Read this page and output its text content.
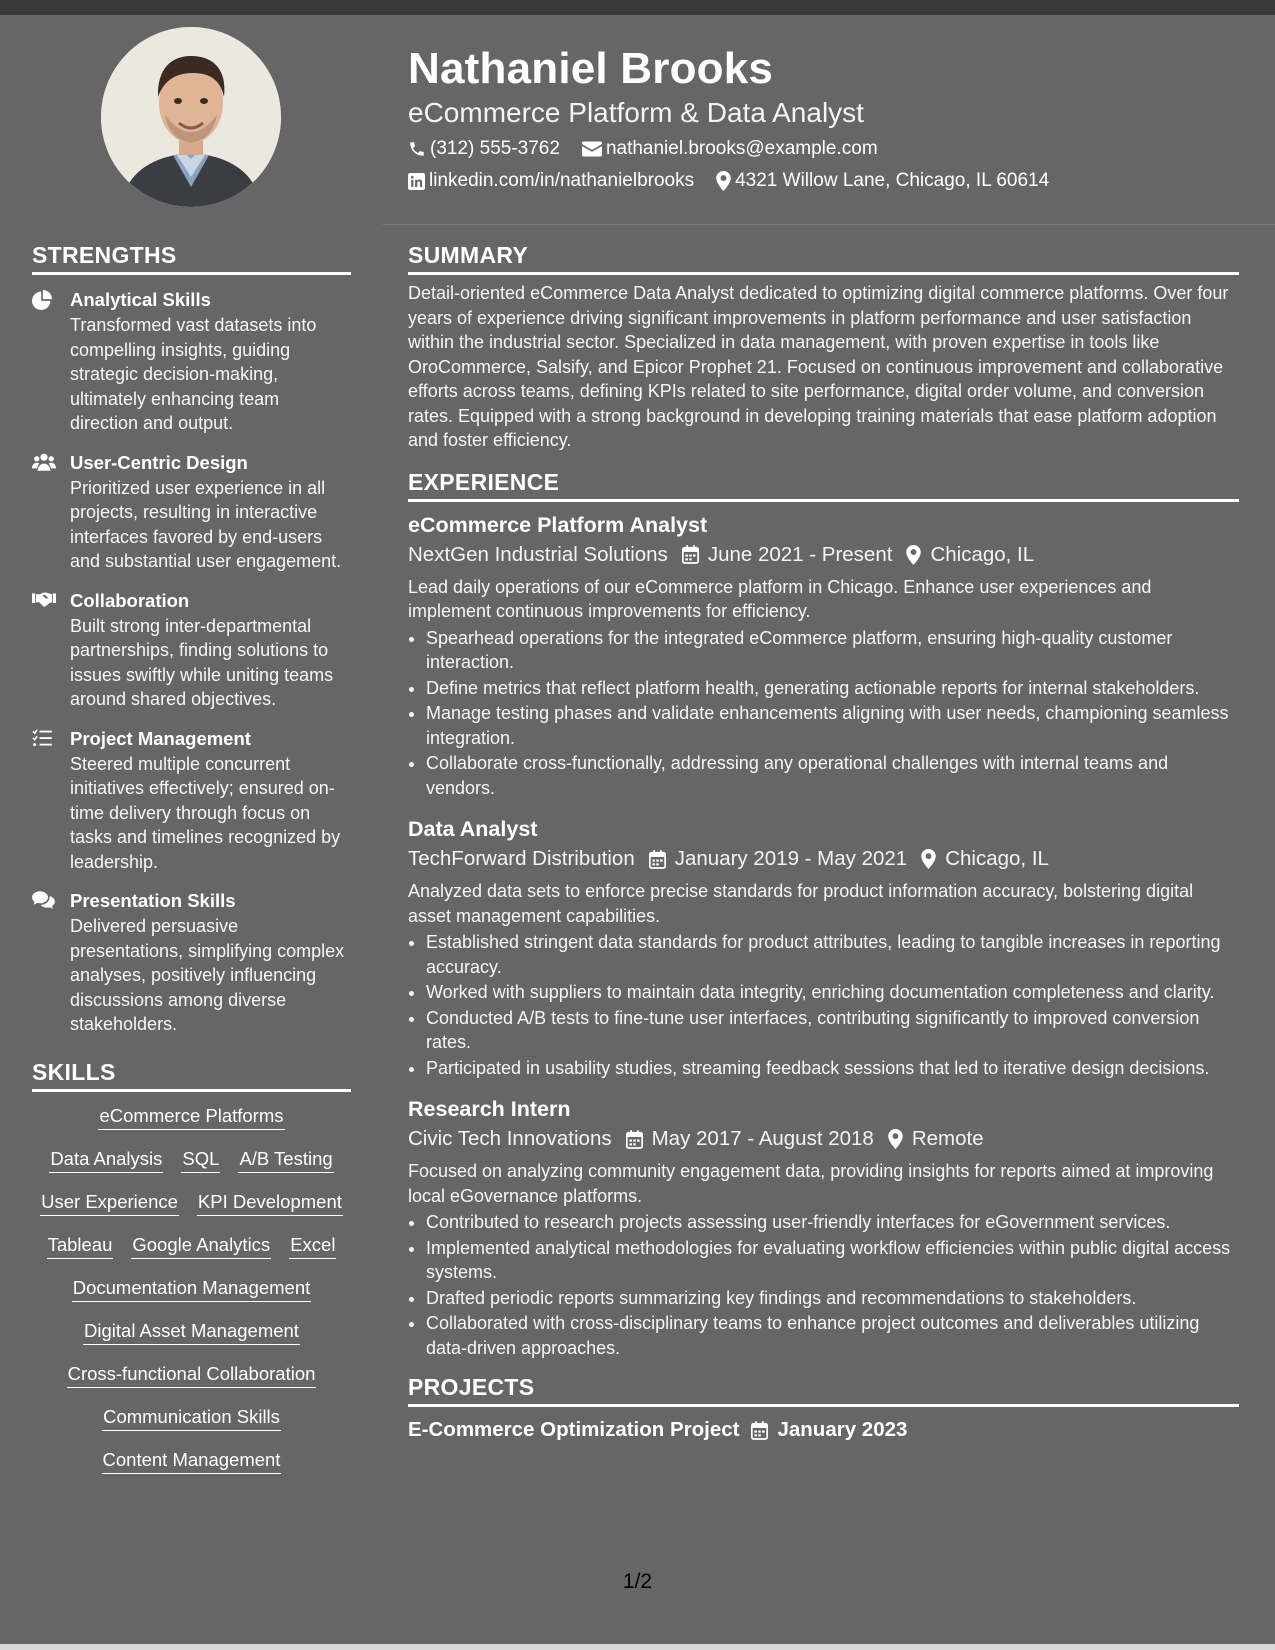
Nathaniel Brooks
eCommerce Platform & Data Analyst
(312) 555-3762 nathaniel.brooks@example.com
linkedin.com/in/nathanielbrooks 4321 Willow Lane, Chicago, IL 60614
STRENGTHS
Analytical Skills
Transformed vast datasets into compelling insights, guiding strategic decision-making, ultimately enhancing team direction and output.
User-Centric Design
Prioritized user experience in all projects, resulting in interactive interfaces favored by end-users and substantial user engagement.
Collaboration
Built strong inter-departmental partnerships, finding solutions to issues swiftly while uniting teams around shared objectives.
Project Management
Steered multiple concurrent initiatives effectively; ensured on-time delivery through focus on tasks and timelines recognized by leadership.
Presentation Skills
Delivered persuasive presentations, simplifying complex analyses, positively influencing discussions among diverse stakeholders.
SKILLS
eCommerce Platforms
Data Analysis SQL A/B Testing
User Experience KPI Development
Tableau Google Analytics Excel
Documentation Management
Digital Asset Management
Cross-functional Collaboration
Communication Skills
Content Management
SUMMARY

Detail-oriented eCommerce Data Analyst dedicated to optimizing digital commerce platforms. Over four years of experience driving significant improvements in platform performance and user satisfaction within the industrial sector. Specialized in data management, with proven expertise in tools like OroCommerce, Salsify, and Epicor Prophet 21. Focused on continuous improvement and collaborative efforts across teams, defining KPIs related to site performance, digital order volume, and conversion rates. Equipped with a strong background in developing training materials that ease platform adoption and foster efficiency.

EXPERIENCE
eCommerce Platform Analyst
NextGen Industrial Solutions June 2021 - Present Chicago, IL
Lead daily operations of our eCommerce platform in Chicago. Enhance user experiences and implement continuous improvements for efficiency.
• Spearhead operations for the integrated eCommerce platform, ensuring high-quality customer interaction.
• Define metrics that reflect platform health, generating actionable reports for internal stakeholders.
• Manage testing phases and validate enhancements aligning with user needs, championing seamless integration.
• Collaborate cross-functionally, addressing any operational challenges with internal teams and vendors.
Data Analyst
TechForward Distribution January 2019 - May 2021 Chicago, IL
Analyzed data sets to enforce precise standards for product information accuracy, bolstering digital asset management capabilities.
• Established stringent data standards for product attributes, leading to tangible increases in reporting accuracy.
• Worked with suppliers to maintain data integrity, enriching documentation completeness and clarity.
• Conducted A/B tests to fine-tune user interfaces, contributing significantly to improved conversion rates.
• Participated in usability studies, streaming feedback sessions that led to iterative design decisions.
Research Intern
Civic Tech Innovations May 2017 - August 2018 Remote
Focused on analyzing community engagement data, providing insights for reports aimed at improving local eGovernance platforms.
• Contributed to research projects assessing user-friendly interfaces for eGovernment services.
• Implemented analytical methodologies for evaluating workflow efficiencies within public digital access systems.
• Drafted periodic reports summarizing key findings and recommendations to stakeholders.
• Collaborated with cross-disciplinary teams to enhance project outcomes and deliverables utilizing data-driven approaches.
PROJECTS
E-Commerce Optimization Project January 2023
1/2
